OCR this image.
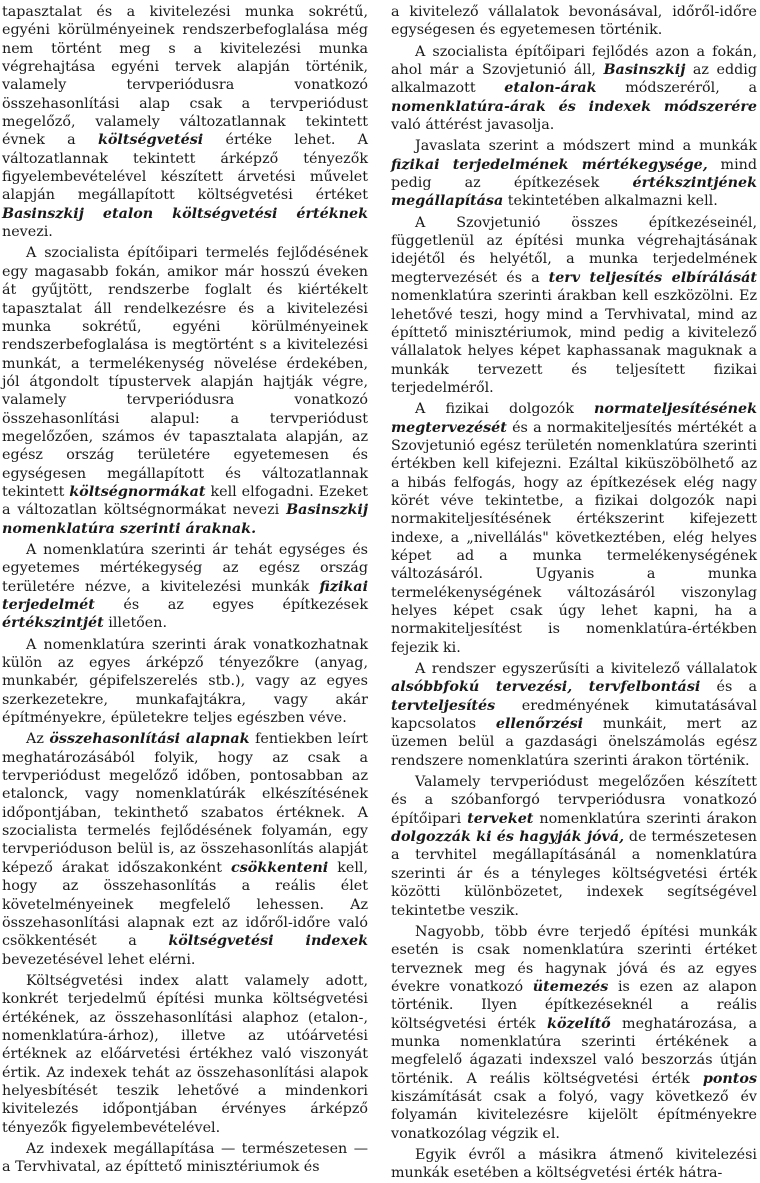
tapasztalat és a kivitelezési munka sokrétű, egyéni körülményeinek rendszerbefoglalása még nem történt meg s a kivitelezési munka végrehajtása egyéni tervek alapján történik, valamely tervperiódusra vonatkozó összehasonlítási alap csak a tervperiódust megelőző, valamely változatlannak tekintett évnek a költségvetési értéke lehet. A változatlannak tekintett árképző tényezők figyelembevételével készített árvetési művelet alapján megállapított költségvetési értéket Basinszkij etalon költségvetési értéknek nevezi.

A szocialista építőipari termelés fejlődésének egy magasabb fokán, amikor már hosszú éveken át gyűjtött, rendszerbe foglalt és kiértékelt tapasztalat áll rendelkezésre és a kivitelezési munka sokrétű, egyéni körülményeinek rendszerbefoglalása is megtörtént s a kivitelezési munkát, a termelékenység növelése érdekében, jól átgondolt típustervek alapján hajtják végre, valamely tervperiódusra vonatkozó összehasonlítási alapul: a tervperiódust megelőzően, számos év tapasztalata alapján, az egész ország területére egyetemesen és egységesen megállapított és változatlannak tekintett költségnormákat kell elfogadni. Ezeket a változatlan költségnormákat nevezi Basinszkij nomenklatúra szerinti áraknak.

A nomenklatúra szerinti ár tehát egységes és egyetemes mértékegység az egész ország területére nézve, a kivitelezési munkák fizikai terjedelmét és az egyes építkezések értékszintjét illetően.

A nomenklatúra szerinti árak vonatkozhatnak külön az egyes árképző tényezőkre (anyag, munkabér, gépifelszerelés stb.), vagy az egyes szerkezetekre, munkafajtákra, vagy akár építményekre, épületekre teljes egészben véve.

Az összehasonlítási alapnak fentiekben leírt meghatározásából folyik, hogy az csak a tervperiódust megelőző időben, pontosabban az etalonck, vagy nomenklatúrák elkészítésének időpontjában, tekinthető szabatos értéknek. A szocialista termelés fejlődésének folyamán, egy tervperióduson belül is, az összehasonlítás alapját képező árakat időszakonként csökkenteni kell, hogy az összehasonlítás a reális élet követelményeinek megfelelő lehessen. Az összehasonlítási alapnak ezt az időről-időre való csökkentését a költségvetési indexek bevezetésével lehet elérni.

Költségvetési index alatt valamely adott, konkrét terjedelmű építési munka költségvetési értékének, az összehasonlítási alaphoz (etalon-, nomenklatúra-árhoz), illetve az utóárvetési értéknek az előárvetési értékhez való viszonyát értik. Az indexek tehát az összehasonlítási alapok helyesbítését teszik lehetővé a mindenkori kivitelezés időpontjában érvényes árképző tényezők figyelembevételével.

Az indexek megállapítása — természetesen — a Tervhivatal, az építtető minisztériumok és

a kivitelező vállalatok bevonásával, időről-időre egységesen és egyetemesen történik.

A szocialista építőipari fejlődés azon a fokán, ahol már a Szovjetunió áll, Basinszkij az eddig alkalmazott etalon-árak módszeréről, a nomenklatúra-árak és indexek módszerére való áttérést javasolja.

Javaslata szerint a módszert mind a munkák fizikai terjedelmének mértékegysége, mind pedig az építkezések értékszintjének megállapítása tekintetében alkalmazni kell.

A Szovjetunió összes építkezéseinél, függetlenül az építési munka végrehajtásának idejétől és helyétől, a munka terjedelmének megtervezését és a terv teljesítés elbírálását nomenklatúra szerinti árakban kell eszközölni. Ez lehetővé teszi, hogy mind a Tervhivatal, mind az építtető minisztériumok, mind pedig a kivitelező vállalatok helyes képet kaphassanak maguknak a munkák tervezett és teljesített fizikai terjedelméről.

A fizikai dolgozók normateljesítésének megtervezését és a normakiteljesítés mértékét a Szovjetunió egész területén nomenklatúra szerinti értékben kell kifejezni. Ezáltal kiküszöbölhető az a hibás felfogás, hogy az építkezések elég nagy körét véve tekintetbe, a fizikai dolgozók napi normakiteljesítésének értékszerint kifejezett indexe, a „nivellálás" következtében, elég helyes képet ad a munka termelékenységének változásáról. Ugyanis a munka termelékenységének változásáról viszonylag helyes képet csak úgy lehet kapni, ha a normakiteljesítést is nomenklatúra-értékben fejezik ki.

A rendszer egyszerűsíti a kivitelező vállalatok alsóbbfokú tervezési, tervfelbontási és a tervteljesítés eredményének kimutatásával kapcsolatos ellenőrzési munkáit, mert az üzemen belül a gazdasági önelszámolás egész rendszere nomenklatúra szerinti árakon történik.

Valamely tervperiódust megelőzően készített és a szóbanforgó tervperiódusra vonatkozó építőipari terveket nomenklatúra szerinti árakon dolgozzák ki és hagyják jóvá, de természetesen a tervhitel megállapításánál a nomenklatúra szerinti ár és a tényleges költségvetési érték közötti különbözetet, indexek segítségével tekintetbe veszik.

Nagyobb, több évre terjedő építési munkák esetén is csak nomenklatúra szerinti értéket terveznek meg és hagynak jóvá és az egyes évekre vonatkozó ütemezés is ezen az alapon történik. Ilyen építkezéseknél a reális költségvetési érték közelítő meghatározása, a munka nomenklatúra szerinti értékének a megfelelő ágazati indexszel való beszorzás útján történik. A reális költségvetési érték pontos kiszámítását csak a folyó, vagy következő év folyamán kivitelezésre kijelölt építményekre vonatkozólag végzik el.

Egyik évről a másikra átmenő kivitelezési munkák esetében a költségvetési érték hátra-
